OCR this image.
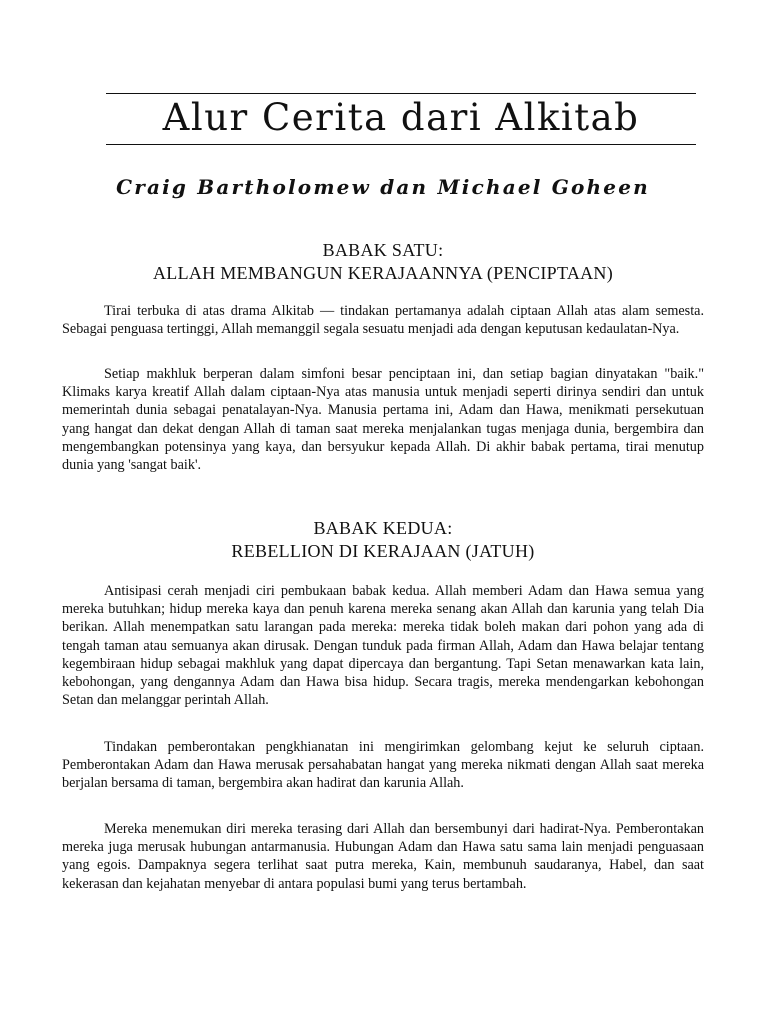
Alur Cerita dari Alkitab
Craig Bartholomew dan Michael Goheen
BABAK SATU:
ALLAH MEMBANGUN KERAJAANNYA (PENCIPTAAN)

Tirai terbuka di atas drama Alkitab — tindakan pertamanya adalah ciptaan Allah atas alam semesta. Sebagai penguasa tertinggi, Allah memanggil segala sesuatu menjadi ada dengan keputusan kedaulatan-Nya.

Setiap makhluk berperan dalam simfoni besar penciptaan ini, dan setiap bagian dinyatakan "baik." Klimaks karya kreatif Allah dalam ciptaan-Nya atas manusia untuk menjadi seperti dirinya sendiri dan untuk memerintah dunia sebagai penatalayan-Nya. Manusia pertama ini, Adam dan Hawa, menikmati persekutuan yang hangat dan dekat dengan Allah di taman saat mereka menjalankan tugas menjaga dunia, bergembira dan mengembangkan potensinya yang kaya, dan bersyukur kepada Allah. Di akhir babak pertama, tirai menutup dunia yang 'sangat baik'.

BABAK KEDUA:
REBELLION DI KERAJAAN (JATUH)

Antisipasi cerah menjadi ciri pembukaan babak kedua. Allah memberi Adam dan Hawa semua yang mereka butuhkan; hidup mereka kaya dan penuh karena mereka senang akan Allah dan karunia yang telah Dia berikan. Allah menempatkan satu larangan pada mereka: mereka tidak boleh makan dari pohon yang ada di tengah taman atau semuanya akan dirusak. Dengan tunduk pada firman Allah, Adam dan Hawa belajar tentang kegembiraan hidup sebagai makhluk yang dapat dipercaya dan bergantung. Tapi Setan menawarkan kata lain, kebohongan, yang dengannya Adam dan Hawa bisa hidup. Secara tragis, mereka mendengarkan kebohongan Setan dan melanggar perintah Allah.

Tindakan pemberontakan pengkhianatan ini mengirimkan gelombang kejut ke seluruh ciptaan. Pemberontakan Adam dan Hawa merusak persahabatan hangat yang mereka nikmati dengan Allah saat mereka berjalan bersama di taman, bergembira akan hadirat dan karunia Allah.

Mereka menemukan diri mereka terasing dari Allah dan bersembunyi dari hadirat-Nya. Pemberontakan mereka juga merusak hubungan antarmanusia. Hubungan Adam dan Hawa satu sama lain menjadi penguasaan yang egois. Dampaknya segera terlihat saat putra mereka, Kain, membunuh saudaranya, Habel, dan saat kekerasan dan kejahatan menyebar di antara populasi bumi yang terus bertambah.
